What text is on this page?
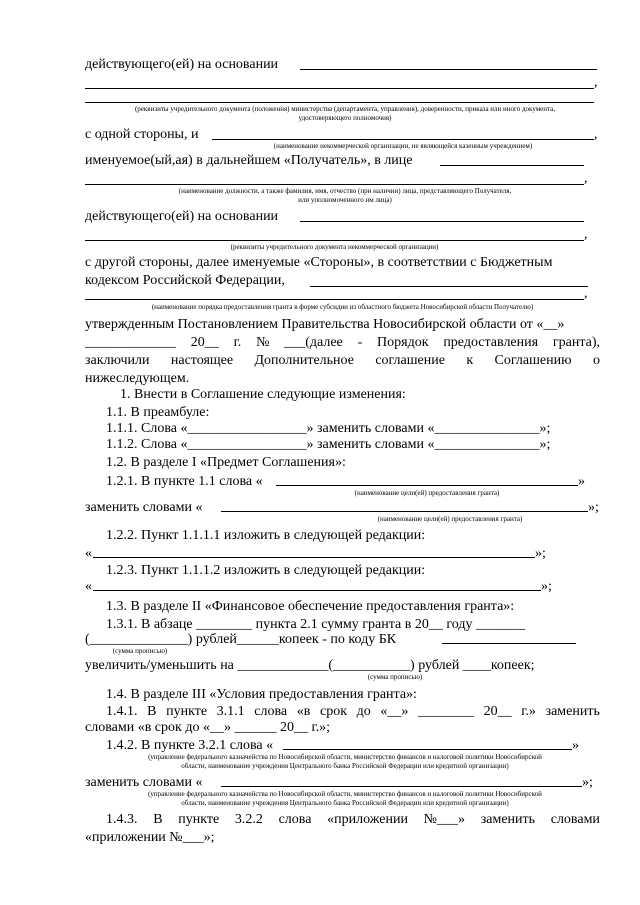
действующего(ей) на основании
,
(реквизиты учредительного документа (положения) министерства (департамента, управления), доверенности, приказа или иного документа,
удостоверяющего полномочия)
с одной стороны, и	,
(наименование некоммерческой организации, не являющейся казенным учреждением)
именуемое(ый,ая) в дальнейшем «Получатель», в лице
,
(наименование должности, а также фамилия, имя, отчество (при наличии) лица, представляющего Получателя,
или уполномоченного им лица)
действующего(ей) на основании
,
(реквизиты учредительного документа некоммерческой организации)
с другой стороны, далее именуемые «Стороны», в соответствии с Бюджетным
кодексом Российской Федерации,
,
(наименование порядка предоставления гранта в форме субсидии из областного бюджета Новосибирской области Получателю)
утвержденным Постановлением Правительства Новосибирской области от «__»
_____________ 20__ г. № ___(далее - Порядок предоставления гранта),
заключили настоящее Дополнительное соглашение к Соглашению о
нижеследующем.
1. Внести в Соглашение следующие изменения:
1.1. В преамбуле:
1.1.1. Слова «_________________» заменить словами «_______________»;
1.1.2. Слова «_________________» заменить словами «_______________»;
1.2. В разделе I «Предмет Соглашения»:
1.2.1. В пункте 1.1 слова «	»
(наименование цели(ей) предоставления гранта)
заменить словами «	»;
(наименование цели(ей) предоставления гранта)
1.2.2. Пункт 1.1.1.1 изложить в следующей редакции:
«	»;
1.2.3. Пункт 1.1.1.2 изложить в следующей редакции:
«	»;
1.3. В разделе II «Финансовое обеспечение предоставления гранта»:
1.3.1. В абзаце ________ пункта 2.1 сумму гранта в 20__ году _______
(______________) рублей______копеек - по коду БК
(сумма прописью)
увеличить/уменьшить на _____________(___________) рублей ____копеек;
(сумма прописью)
1.4. В разделе III «Условия предоставления гранта»:
1.4.1. В пункте 3.1.1 слова «в срок до «__» ________ 20__ г.» заменить
словами «в срок до «__» ______ 20__ г.»;
1.4.2. В пункте 3.2.1 слова «	»
(управление федерального казначейства по Новосибирской области, министерство финансов и налоговой политики Новосибирской
области, наименование учреждения Центрального банка Российской Федерации или кредитной организации)
заменить словами «	»;
(управление федерального казначейства по Новосибирской области, министерство финансов и налоговой политики Новосибирской
области, наименование учреждения Центрального банка Российской Федерации или кредитной организации)
1.4.3. В пункте 3.2.2 слова «приложении №___» заменить словами
«приложении №___»;
